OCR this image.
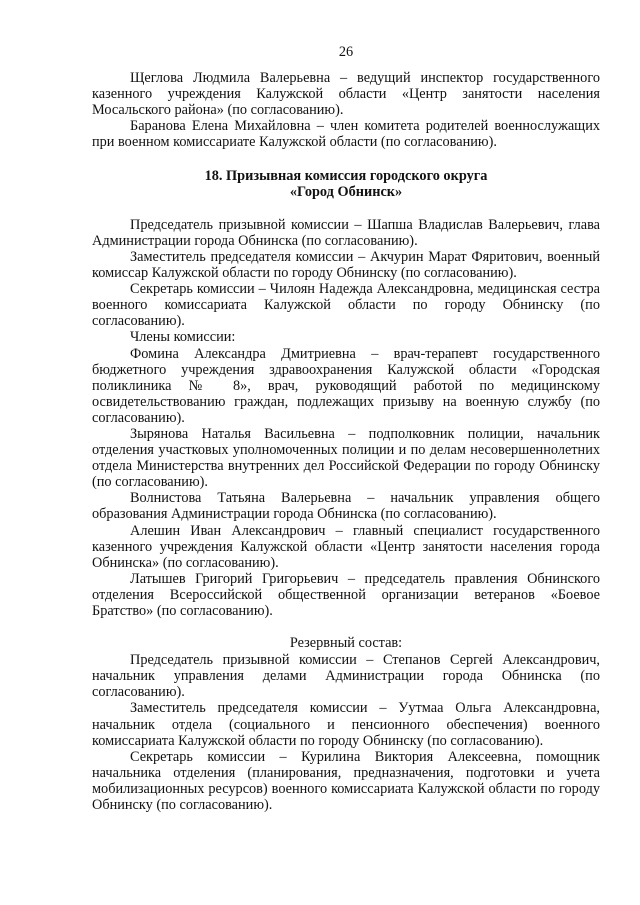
26

Щеглова Людмила Валерьевна – ведущий инспектор государственного казенного учреждения Калужской области «Центр занятости населения Мосальского района» (по согласованию).

Баранова Елена Михайловна – член комитета родителей военнослужащих при военном комиссариате Калужской области (по согласованию).

18. Призывная комиссия городского округа
«Город Обнинск»

Председатель призывной комиссии – Шапша Владислав Валерьевич, глава Администрации города Обнинска (по согласованию).

Заместитель председателя комиссии – Акчурин Марат Фяритович, военный комиссар Калужской области по городу Обнинску (по согласованию).

Секретарь комиссии – Чилоян Надежда Александровна, медицинская сестра военного комиссариата Калужской области по городу Обнинску (по согласованию).

Члены комиссии:

Фомина Александра Дмитриевна – врач-терапевт государственного бюджетного учреждения здравоохранения Калужской области «Городская поликлиника № 8», врач, руководящий работой по медицинскому освидетельствованию граждан, подлежащих призыву на военную службу (по согласованию).

Зырянова Наталья Васильевна – подполковник полиции, начальник отделения участковых уполномоченных полиции и по делам несовершеннолетних отдела Министерства внутренних дел Российской Федерации по городу Обнинску (по согласованию).

Волнистова Татьяна Валерьевна – начальник управления общего образования Администрации города Обнинска (по согласованию).

Алешин Иван Александрович – главный специалист государственного казенного учреждения Калужской области «Центр занятости населения города Обнинска» (по согласованию).

Латышев Григорий Григорьевич – председатель правления Обнинского отделения Всероссийской общественной организации ветеранов «Боевое Братство» (по согласованию).

Резервный состав:

Председатель призывной комиссии – Степанов Сергей Александрович, начальник управления делами Администрации города Обнинска (по согласованию).

Заместитель председателя комиссии – Уутмаа Ольга Александровна, начальник отдела (социального и пенсионного обеспечения) военного комиссариата Калужской области по городу Обнинску (по согласованию).

Секретарь комиссии – Курилина Виктория Алексеевна, помощник начальника отделения (планирования, предназначения, подготовки и учета мобилизационных ресурсов) военного комиссариата Калужской области по городу Обнинску (по согласованию).
